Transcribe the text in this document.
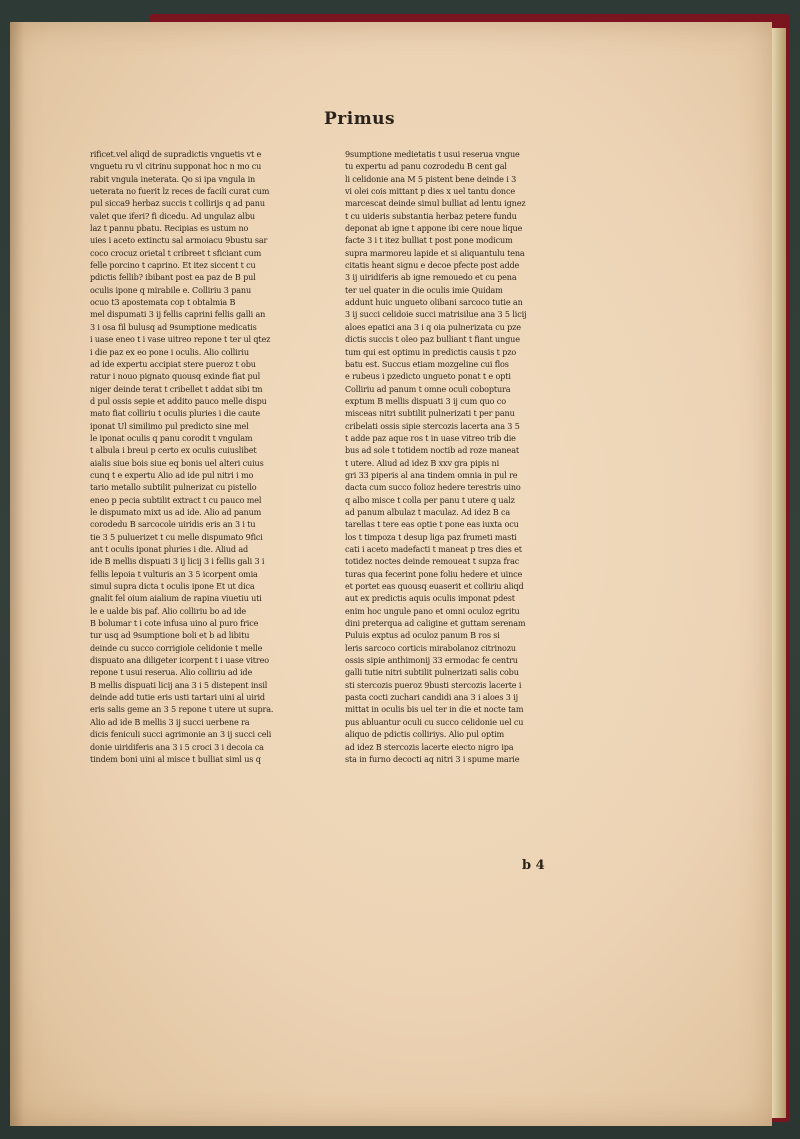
Primus
rificet.vel aliqd de supradictis vnguetis vt e
vnguetu ru vl citrinu supponat hoc n mo cu
rabit vngula ineterata. Qo si ipa vngula in
ueterata no fuerit lz reces de facili curat cum
pul sicca9 herbaz succis t collirijs q ad panu
valet que iferi? fi dicedu. Ad ungulaz albu
laz t pannu pbatu. Recipias es ustum no
uies i aceto extinctu sal armoiacu 9bustu sar
coco crocuz orietal t cribreet t sficiant cum
felle porcino t caprino. Et itez siccent t cu
pdictis fellib? ibibant post ea paz de B pul
oculis ipone q mirabile e. Colliriu 3 panu
ocuo t3 apostemata cop t obtalmia B
mel dispumati 3 ij fellis caprini fellis galli an
3 i osa fil bulusq ad 9sumptione medicatis
i uase eneo t i vase uitreo repone t ter ul qtez
i die paz ex eo pone i oculis. Alio colliriu
ad ide expertu accipiat stere pueroz t obu
ratur i nouo pignato quousq exinde fiat pul
niger deinde terat t cribellet t addat sibi tm
d pul ossis sepie et addito pauco melle dispu
mato fiat colliriu t oculis pluries i die caute
iponat Ul similimo pul predicto sine mel
le iponat oculis q panu corodit t vngulam
t albula i breui p certo ex oculis cuiuslibet
aialis siue bois siue eq bonis uel alteri cuius
cunq t e expertu Alio ad ide pul nitri i mo
tario metallo subtilit pulnerizat cu pistello
eneo p pecia subtilit extract t cu pauco mel
le dispumato mixt us ad ide. Alio ad panum
corodedu B sarcocole uiridis eris an 3 i tu
tie 3 5 puluerizet t cu melle dispumato 9fici
ant t oculis iponat pluries i die. Aliud ad
ide B mellis dispuati 3 ij licij 3 i fellis gali 3 i
fellis lepoia t vulturis an 3 5 icorpent omia
simul supra dicta t oculis ipone Et ut dica
gnalit fel oium aialium de rapina viuetiu uti
le e ualde bis paf. Alio colliriu bo ad ide
B bolumar t i cote infusa uino al puro frice
tur usq ad 9sumptione boli et b ad libitu
deinde cu succo corrigiole celidonie t melle
dispuato ana diligeter icorpent t i uase vitreo
repone t usui reserua. Alio colliriu ad ide
B mellis dispuati licij ana 3 i 5 distepent insil
deinde add tutie eris usti tartari uini al uirid
eris salis geme an 3 5 repone t utere ut supra.
Alio ad ide B mellis 3 ij succi uerbene ra
dicis feniculi succi agrimonie an 3 ij succi celi
donie uiridiferis ana 3 i 5 croci 3 i decoia ca
tindem boni uini al misce t bulliat siml us q
9sumptione medietatis t usui reserua vngue
tu expertu ad panu cozrodedu B cent gal
li celidonie ana M 5 pistent bene deinde i 3
vi olei cois mittant p dies x uel tantu donce
marcescat deinde simul bulliat ad lentu ignez
t cu uideris substantia herbaz petere fundu
deponat ab igne t appone ibi cere noue lique
facte 3 i t itez bulliat t post pone modicum
supra marmoreu lapide et si aliquantulu tena
citatis heant signu e decoe pfecte post adde
3 ij uiridiferis ab igne remouedo et cu pena
ter uel quater in die oculis imie Quidam
addunt huic ungueto olibani sarcoco tutie an
3 ij succi celidoie succi matrisilue ana 3 5 licij
aloes epatici ana 3 i q oia pulnerizata cu pze
dictis succis t oleo paz bulliant t fiant ungue
tum qui est optimu in predictis causis t pzo
batu est. Succus etiam mozgeline cui flos
e rubeus i pzedicto ungueto ponat t e opti
Colliriu ad panum t omne oculi coboptura
exptum B mellis dispuati 3 ij cum quo co
misceas nitri subtilit pulnerizati t per panu
cribelati ossis sipie stercozis lacerta ana 3 5
t adde paz aque ros t in uase vitreo trib die
bus ad sole t totidem noctib ad roze maneat
t utere. Aliud ad idez B xxv gra pipis ni
gri 33 piperis al ana tindem omnia in pul re
dacta cum succo folioz hedere terestris uino
q albo misce t colla per panu t utere q ualz
ad panum albulaz t maculaz. Ad idez B ca
tarellas t tere eas optie t pone eas iuxta ocu
los t timpoza t desup liga paz frumeti masti
cati i aceto madefacti t maneat p tres dies et
totidez noctes deinde remoueat t supza frac
turas qua fecerint pone foliu hedere et uince
et portet eas quousq euaserit et colliriu aliqd
aut ex predictis aquis oculis imponat pdest
enim hoc ungule pano et omni oculoz egritu
dini preterqua ad caligine et guttam serenam
Puluis exptus ad oculoz panum B ros si
leris sarcoco corticis mirabolanoz citrinozu
ossis sipie anthimonij 33 ermodac fe centru
galli tutie nitri subtilit pulnerizati salis cobu
sti stercozis pueroz 9busti stercozis lacerte i
pasta cocti zuchari candidi ana 3 i aloes 3 ij
mittat in oculis bis uel ter in die et nocte tam
pus abluantur oculi cu succo celidonie uel cu
aliquo de pdictis colliriys. Alio pul optim
ad idez B stercozis lacerte eiecto nigro ipa
sta in furno decocti aq nitri 3 i spume marie
b 4
